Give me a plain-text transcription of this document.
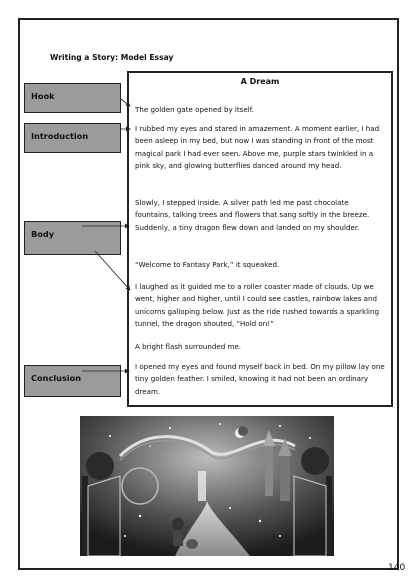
Writing a Story: Model Essay
Hook
Introduction
Body
Conclusion
A Dream

The golden gate opened by itself.

I rubbed my eyes and stared in amazement. A moment earlier, I had been asleep in my bed, but now I was standing in front of the most magical park I had ever seen. Above me, purple stars twinkled in a pink sky, and glowing butterflies danced around my head.

Slowly, I stepped inside. A silver path led me past chocolate fountains, talking trees and flowers that sang softly in the breeze. Suddenly, a tiny dragon flew down and landed on my shoulder.

“Welcome to Fantasy Park,” it squeaked.

I laughed as it guided me to a roller coaster made of clouds. Up we went, higher and higher, until I could see castles, rainbow lakes and unicorns galloping below. Just as the ride rushed towards a sparkling tunnel, the dragon shouted, “Hold on!”

A bright flash surrounded me.

I opened my eyes and found myself back in bed. On my pillow lay one tiny golden feather. I smiled, knowing it had not been an ordinary dream.

140
